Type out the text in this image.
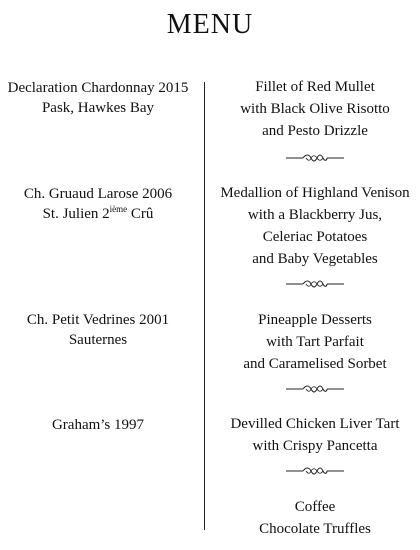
MENU
Declaration Chardonnay 2015
Pask, Hawkes Bay
Ch. Gruaud Larose 2006
St. Julien 2ième Crû
Ch. Petit Vedrines 2001
Sauternes
Graham’s 1997
Fillet of Red Mullet
with Black Olive Risotto
and Pesto Drizzle
Medallion of Highland Venison
with a Blackberry Jus,
Celeriac Potatoes
and Baby Vegetables
Pineapple Desserts
with Tart Parfait
and Caramelised Sorbet
Devilled Chicken Liver Tart
with Crispy Pancetta
Coffee
Chocolate Truffles
